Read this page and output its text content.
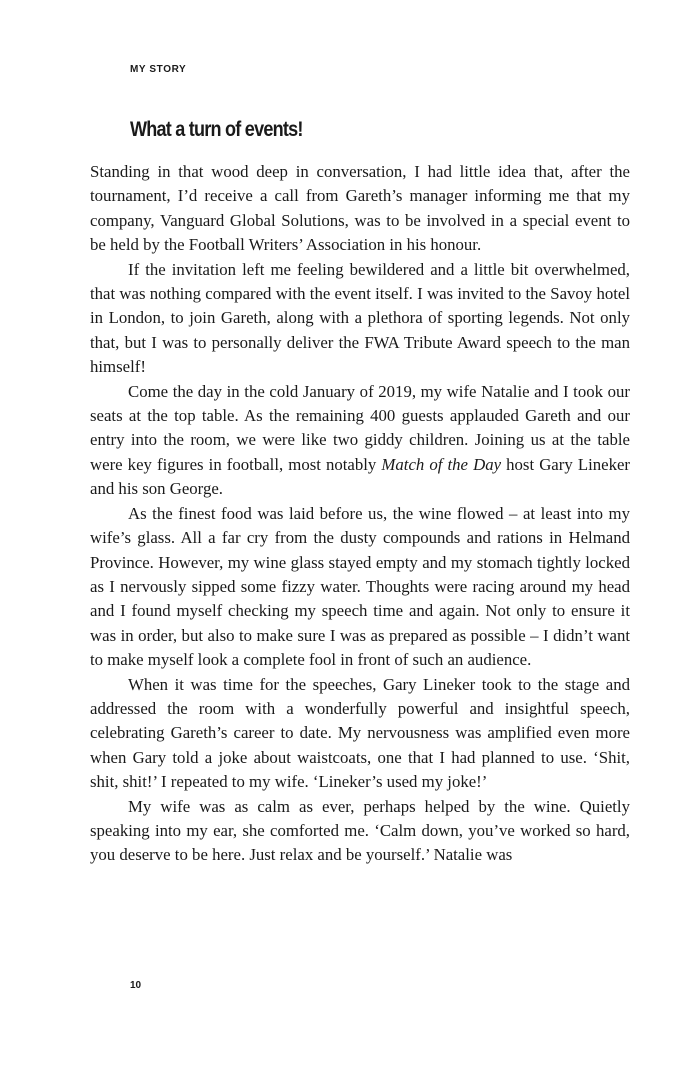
MY STORY
What a turn of events!

Standing in that wood deep in conversation, I had little idea that, after the tournament, I’d receive a call from Gareth’s manager informing me that my company, Vanguard Global Solutions, was to be involved in a special event to be held by the Football Writers’ Association in his honour.

If the invitation left me feeling bewildered and a little bit overwhelmed, that was nothing compared with the event itself. I was invited to the Savoy hotel in London, to join Gareth, along with a plethora of sporting legends. Not only that, but I was to personally deliver the FWA Tribute Award speech to the man himself!

Come the day in the cold January of 2019, my wife Natalie and I took our seats at the top table. As the remaining 400 guests applauded Gareth and our entry into the room, we were like two giddy children. Joining us at the table were key figures in football, most notably Match of the Day host Gary Lineker and his son George.

As the finest food was laid before us, the wine flowed – at least into my wife’s glass. All a far cry from the dusty compounds and rations in Helmand Province. However, my wine glass stayed empty and my stomach tightly locked as I nervously sipped some fizzy water. Thoughts were racing around my head and I found myself checking my speech time and again. Not only to ensure it was in order, but also to make sure I was as prepared as possible – I didn’t want to make myself look a complete fool in front of such an audience.

When it was time for the speeches, Gary Lineker took to the stage and addressed the room with a wonderfully powerful and insightful speech, celebrating Gareth’s career to date. My nervousness was amplified even more when Gary told a joke about waistcoats, one that I had planned to use. ‘Shit, shit, shit!’ I repeated to my wife. ‘Lineker’s used my joke!’

My wife was as calm as ever, perhaps helped by the wine. Quietly speaking into my ear, she comforted me. ‘Calm down, you’ve worked so hard, you deserve to be here. Just relax and be yourself.’ Natalie was

10
